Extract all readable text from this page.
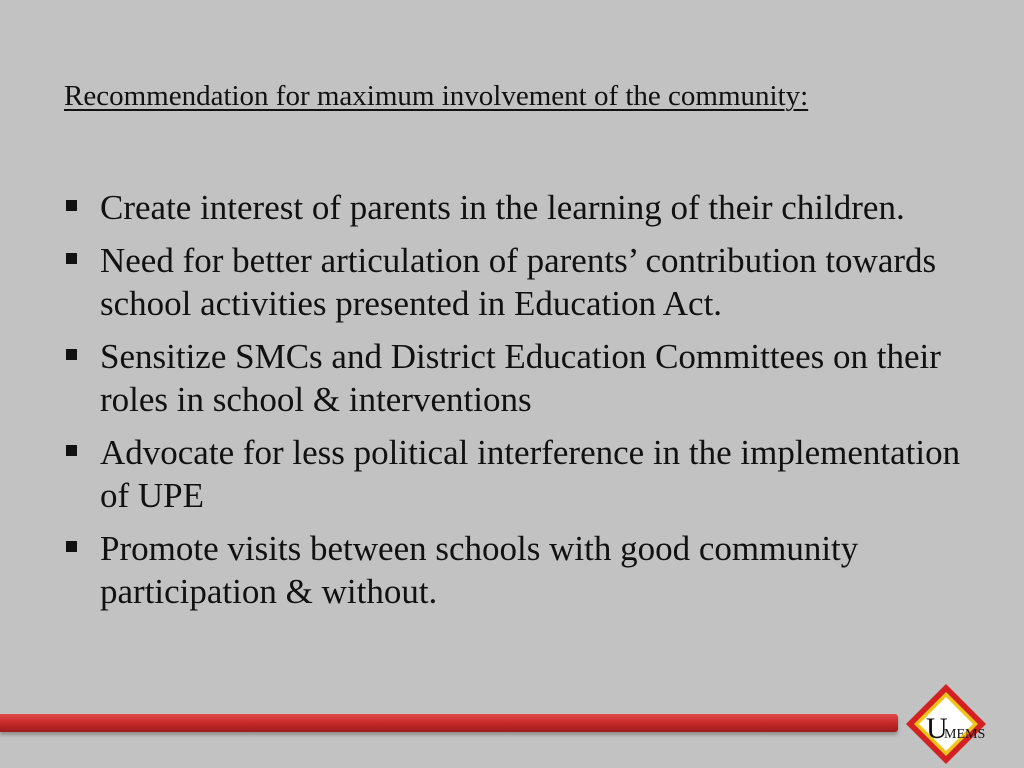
Recommendation for maximum involvement of the community:
Create interest of parents in the learning of their children.
Need for better articulation of parents’ contribution towards school activities presented in Education Act.
Sensitize SMCs and District Education Committees on their roles in school & interventions
Advocate for less political interference in the implementation of UPE
Promote visits between schools with good community participation & without.
U
MEMS
